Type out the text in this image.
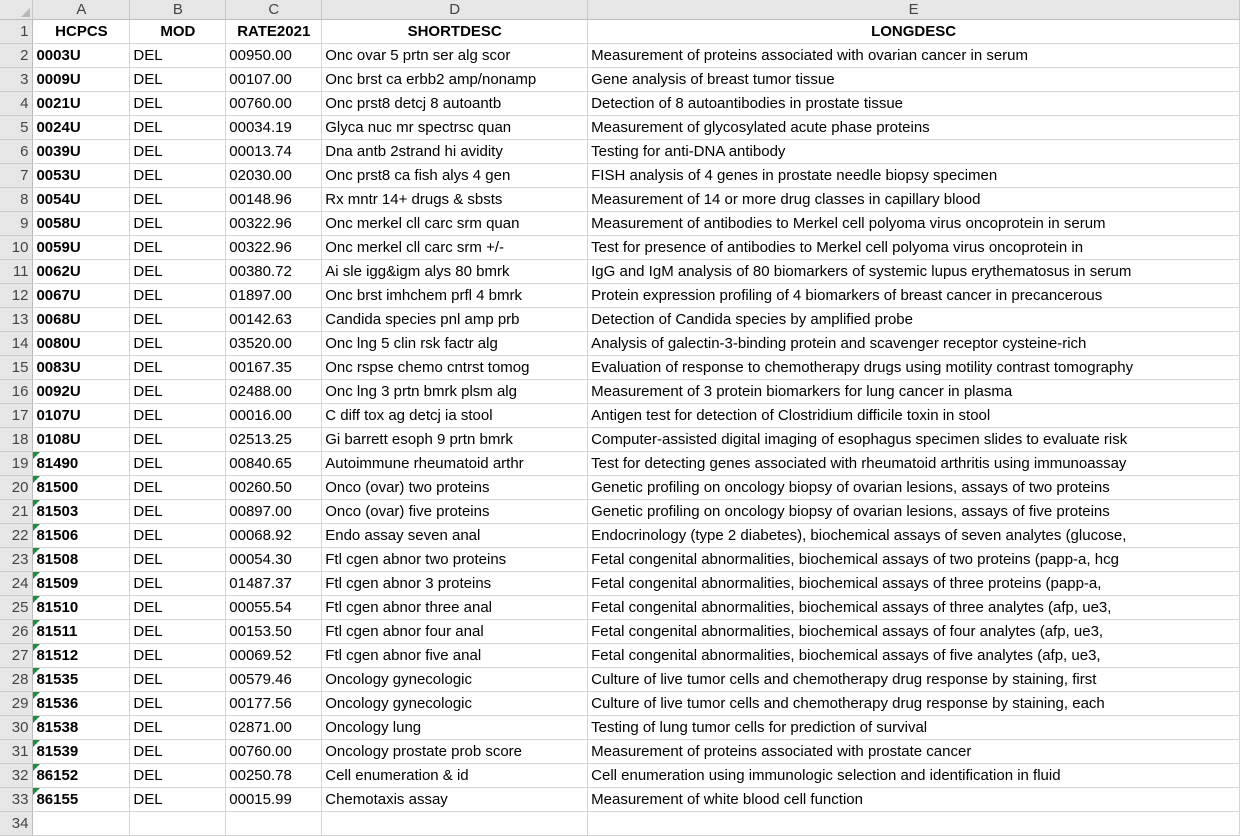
	A	B	C	D	E
1	HCPCS	MOD	RATE2021	SHORTDESC	LONGDESC
2	0003U	DEL	00950.00	Onc ovar 5 prtn ser alg scor	Measurement of proteins associated with ovarian cancer in serum
3	0009U	DEL	00107.00	Onc brst ca erbb2 amp/nonamp	Gene analysis of breast tumor tissue
4	0021U	DEL	00760.00	Onc prst8 detcj 8 autoantb	Detection of 8 autoantibodies in prostate tissue
5	0024U	DEL	00034.19	Glyca nuc mr spectrsc quan	Measurement of glycosylated acute phase proteins
6	0039U	DEL	00013.74	Dna antb 2strand hi avidity	Testing for anti-DNA antibody
7	0053U	DEL	02030.00	Onc prst8 ca fish alys 4 gen	FISH analysis of 4 genes in prostate needle biopsy specimen
8	0054U	DEL	00148.96	Rx mntr 14+ drugs & sbsts	Measurement of 14 or more drug classes in capillary blood
9	0058U	DEL	00322.96	Onc merkel cll carc srm quan	Measurement of antibodies to Merkel cell polyoma virus oncoprotein in serum
10	0059U	DEL	00322.96	Onc merkel cll carc srm +/-	Test for presence of antibodies to Merkel cell polyoma virus oncoprotein in
11	0062U	DEL	00380.72	Ai sle igg&igm alys 80 bmrk	IgG and IgM analysis of 80 biomarkers of systemic lupus erythematosus in serum
12	0067U	DEL	01897.00	Onc brst imhchem prfl 4 bmrk	Protein expression profiling of 4 biomarkers of breast cancer in precancerous
13	0068U	DEL	00142.63	Candida species pnl amp prb	Detection of Candida species by amplified probe
14	0080U	DEL	03520.00	Onc lng 5 clin rsk factr alg	Analysis of galectin-3-binding protein and scavenger receptor cysteine-rich
15	0083U	DEL	00167.35	Onc rspse chemo cntrst tomog	Evaluation of response to chemotherapy drugs using motility contrast tomography
16	0092U	DEL	02488.00	Onc lng 3 prtn bmrk plsm alg	Measurement of 3 protein biomarkers for lung cancer in plasma
17	0107U	DEL	00016.00	C diff tox ag detcj ia stool	Antigen test for detection of Clostridium difficile toxin in stool
18	0108U	DEL	02513.25	Gi barrett esoph 9 prtn bmrk	Computer-assisted digital imaging of esophagus specimen slides to evaluate risk
19	81490	DEL	00840.65	Autoimmune rheumatoid arthr	Test for detecting genes associated with rheumatoid arthritis using immunoassay
20	81500	DEL	00260.50	Onco (ovar) two proteins	Genetic profiling on oncology biopsy of ovarian lesions, assays of two proteins
21	81503	DEL	00897.00	Onco (ovar) five proteins	Genetic profiling on oncology biopsy of ovarian lesions, assays of five proteins
22	81506	DEL	00068.92	Endo assay seven anal	Endocrinology (type 2 diabetes), biochemical assays of seven analytes (glucose,
23	81508	DEL	00054.30	Ftl cgen abnor two proteins	Fetal congenital abnormalities, biochemical assays of two proteins (papp-a, hcg
24	81509	DEL	01487.37	Ftl cgen abnor 3 proteins	Fetal congenital abnormalities, biochemical assays of three proteins (papp-a,
25	81510	DEL	00055.54	Ftl cgen abnor three anal	Fetal congenital abnormalities, biochemical assays of three analytes (afp, ue3,
26	81511	DEL	00153.50	Ftl cgen abnor four anal	Fetal congenital abnormalities, biochemical assays of four analytes (afp, ue3,
27	81512	DEL	00069.52	Ftl cgen abnor five anal	Fetal congenital abnormalities, biochemical assays of five analytes (afp, ue3,
28	81535	DEL	00579.46	Oncology gynecologic	Culture of live tumor cells and chemotherapy drug response by staining, first
29	81536	DEL	00177.56	Oncology gynecologic	Culture of live tumor cells and chemotherapy drug response by staining, each
30	81538	DEL	02871.00	Oncology lung	Testing of lung tumor cells for prediction of survival
31	81539	DEL	00760.00	Oncology prostate prob score	Measurement of proteins associated with prostate cancer
32	86152	DEL	00250.78	Cell enumeration & id	Cell enumeration using immunologic selection and identification in fluid
33	86155	DEL	00015.99	Chemotaxis assay	Measurement of white blood cell function
34					
